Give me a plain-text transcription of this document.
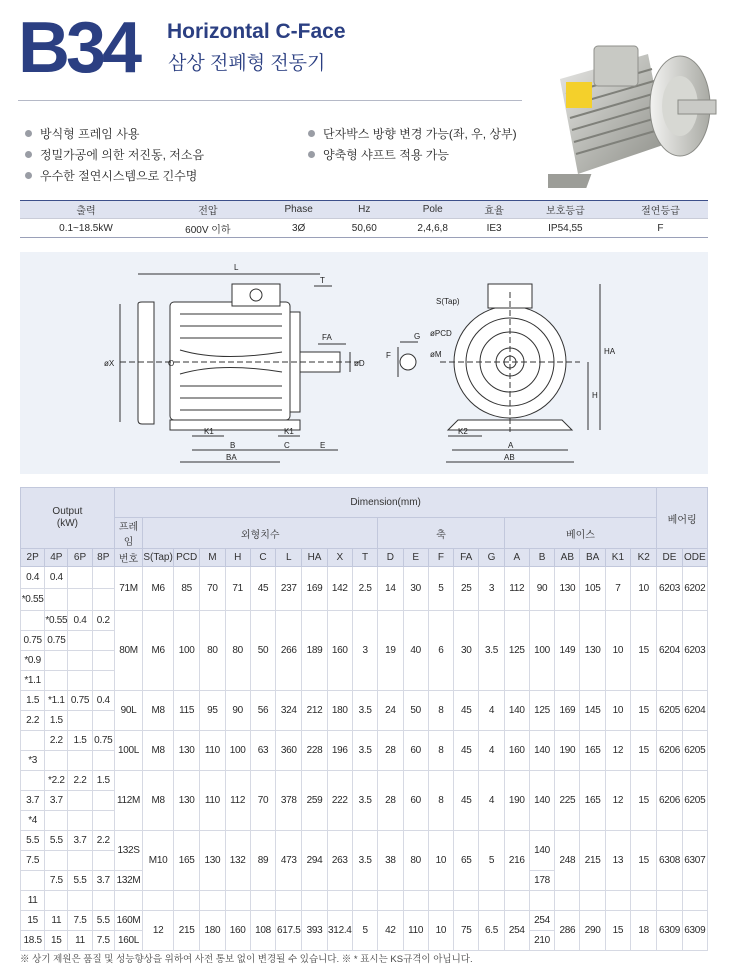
B34 Horizontal C-Face
삼상 전폐형 전동기
방식형 프레임 사용	단자박스 방향 변경 가능(좌, 우, 상부)
정밀가공에 의한 저진동, 저소음	양축형 샤프트 적용 가능
우수한 절연시스템으로 긴수명
출력	전압	Phase	Hz	Pole	효율	보호등급	절연등급
0.1~18.5kW	600V 이하	3Ø	50,60	2,4,6,8	IE3	IP54,55	F
L
T
øX	O
FA
øD
F
G
K1	K1
B	C	E
BA
S(Tap)
øPCD
øM	HA
H
K2
A
AB
Output
(kW)				Dimension(mm)																					베어링	
				프레임	외형치수									축					베이스							
2P	4P	6P	8P	번호	S(Tap)	PCD	M	H	C	L	HA	X	T	D	E	F	FA	G	A	B	AB	BA	K1	K2	DE	ODE
0.4	0.4			71M	M6	85	70	71	45	237	169	142	2.5	14	30	5	25	3	112	90	130	105	7	10	6203	6202
*0.55																										
	*0.55	0.4	0.2	80M	M6	100	80	80	50	266	189	160	3	19	40	6	30	3.5	125	100	149	130	10	15	6204	6203
0.75	0.75																									
*0.9																										
*1.1																										
1.5	*1.1	0.75	0.4	90L	M8	115	95	90	56	324	212	180	3.5	24	50	8	45	4	140	125	169	145	10	15	6205	6204
2.2	1.5																									
	2.2	1.5	0.75	100L	M8	130	110	100	63	360	228	196	3.5	28	60	8	45	4	160	140	190	165	12	15	6206	6205
*3																										
	*2.2	2.2	1.5	112M	M8	130	110	112	70	378	259	222	3.5	28	60	8	45	4	190	140	225	165	12	15	6206	6205
3.7	3.7																									
*4																										
5.5	5.5	3.7	2.2	132S	M10	165	130	132	89	473	294	263	3.5	38	80	10	65	5	216	140	248	215	13	15	6308	6307
7.5																										
	7.5	5.5	3.7	132M																178						
11																										
15	11	7.5	5.5	160M	12	215	180	160	108	617.5	393	312.4	5	42	110	10	75	6.5	254	254	286	290	15	18	6309	6309
18.5	15	11	7.5	160L																210						
※ 상기 제원은 품질 및 성능향상을 위하여 사전 통보 없이 변경될 수 있습니다. ※ * 표시는 KS규격이 아닙니다.
